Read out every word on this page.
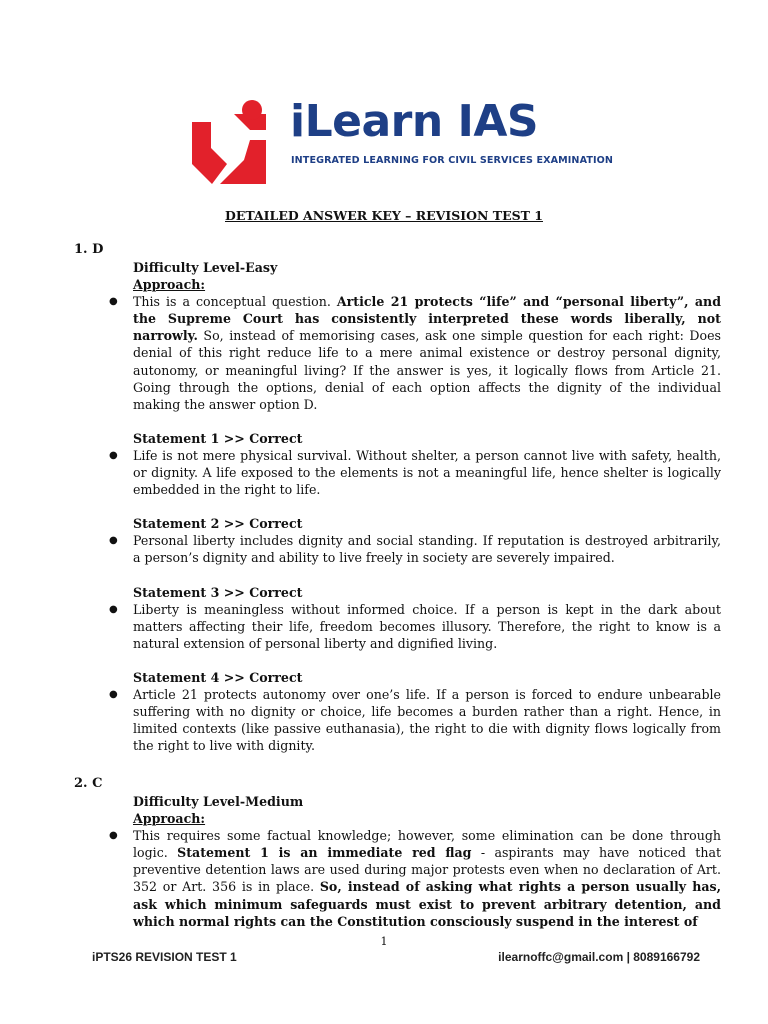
iLearn IAS
INTEGRATED LEARNING FOR CIVIL SERVICES EXAMINATION
DETAILED ANSWER KEY – REVISION TEST 1
1. D
Difficulty Level-Easy
Approach:
● This is a conceptual question. Article 21 protects “life” and “personal liberty”, and the Supreme Court has consistently interpreted these words liberally, not narrowly. So, instead of memorising cases, ask one simple question for each right: Does denial of this right reduce life to a mere animal existence or destroy personal dignity, autonomy, or meaningful living? If the answer is yes, it logically flows from Article 21. Going through the options, denial of each option affects the dignity of the individual making the answer option D.
Statement 1 >> Correct
● Life is not mere physical survival. Without shelter, a person cannot live with safety, health, or dignity. A life exposed to the elements is not a meaningful life, hence shelter is logically embedded in the right to life.
Statement 2 >> Correct
● Personal liberty includes dignity and social standing. If reputation is destroyed arbitrarily, a person’s dignity and ability to live freely in society are severely impaired.
Statement 3 >> Correct
● Liberty is meaningless without informed choice. If a person is kept in the dark about matters affecting their life, freedom becomes illusory. Therefore, the right to know is a natural extension of personal liberty and dignified living.
Statement 4 >> Correct
● Article 21 protects autonomy over one’s life. If a person is forced to endure unbearable suffering with no dignity or choice, life becomes a burden rather than a right. Hence, in limited contexts (like passive euthanasia), the right to die with dignity flows logically from the right to live with dignity.
2. C
Difficulty Level-Medium
Approach:
● This requires some factual knowledge; however, some elimination can be done through logic. Statement 1 is an immediate red flag - aspirants may have noticed that preventive detention laws are used during major protests even when no declaration of Art. 352 or Art. 356 is in place. So, instead of asking what rights a person usually has, ask which minimum safeguards must exist to prevent arbitrary detention, and which normal rights can the Constitution consciously suspend in the interest of
1
iPTS26 REVISION TEST 1	ilearnoffc@gmail.com | 8089166792
